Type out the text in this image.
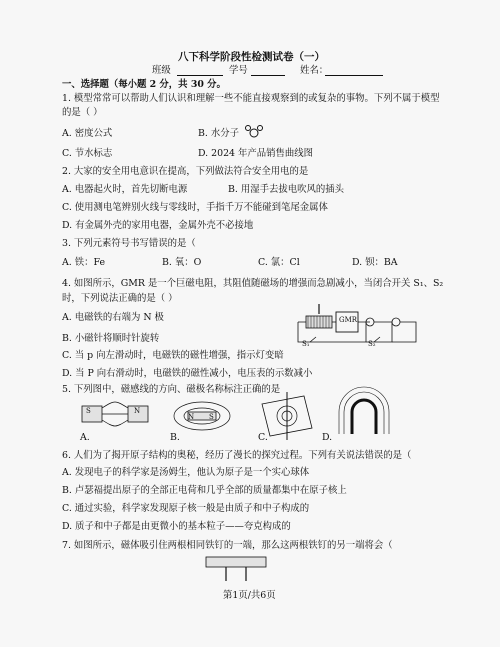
八下科学阶段性检测试卷（一）
班级	学号	姓名：
一、选择题（每小题 2 分，共 30 分。
1. 模型常常可以帮助人们认识和理解一些不能直接观察到的或复杂的事物。下列不属于模型
的是（ ）
A. 密度公式	B. 水分子
C. 节水标志	D. 2024 年产品销售曲线图
2. 大家的安全用电意识在提高，下列做法符合安全用电的是
A. 电器起火时，首先切断电源	B. 用湿手去拔电吹风的插头
C. 使用测电笔辨别火线与零线时，手指千万不能碰到笔尾金属体
D. 有金属外壳的家用电器，金属外壳不必接地
3. 下列元素符号书写错误的是（
A. 铁：Fe	B. 氧：O	C. 氯：Cl	D. 钡：BA
4. 如图所示，GMR 是一个巨磁电阻，其阻值随磁场的增强而急剧减小，当闭合开关 S₁、S₂
时，下列说法正确的是（ ）
A. 电磁铁的右端为 N 极
B. 小磁针将顺时针旋转
C. 当 p 向左滑动时，电磁铁的磁性增强，指示灯变暗
D. 当 P 向右滑动时，电磁铁的磁性减小，电压表的示数减小
GMR
S₁	S₂
5. 下列图中，磁感线的方向、磁极名称标注正确的是
S	N
A.
N S
B.	C.	D.
6. 人们为了揭开原子结构的奥秘，经历了漫长的探究过程。下列有关说法错误的是（
A. 发现电子的科学家是汤姆生，他认为原子是一个实心球体
B. 卢瑟福提出原子的全部正电荷和几乎全部的质量都集中在原子核上
C. 通过实验，科学家发现原子核一般是由质子和中子构成的
D. 质子和中子都是由更微小的基本粒子——夸克构成的
7. 如图所示，磁体吸引住两根相同铁钉的一端，那么这两根铁钉的另一端将会（
第1页/共6页
